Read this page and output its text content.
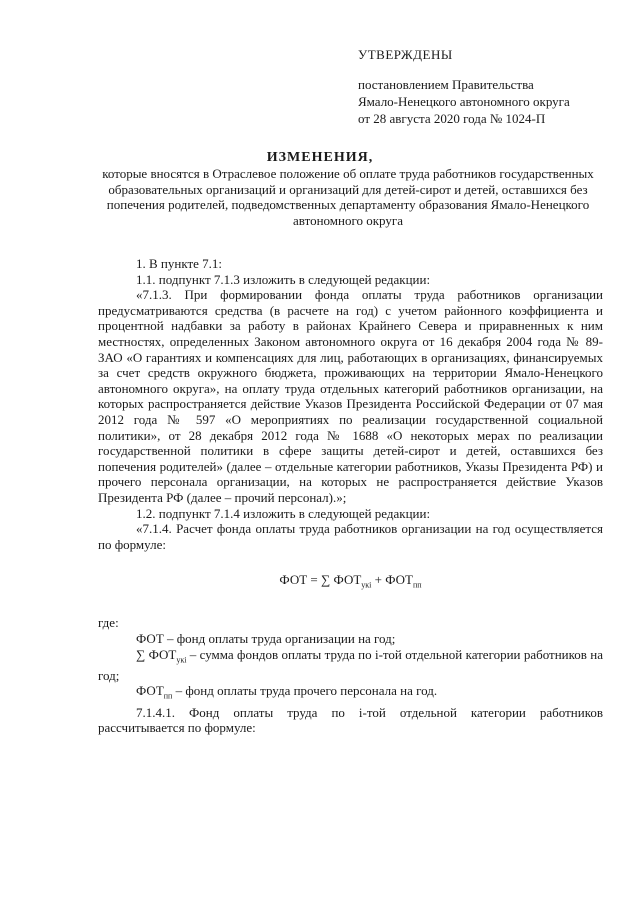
УТВЕРЖДЕНЫ
постановлением Правительства
Ямало-Ненецкого автономного округа
от 28 августа 2020 года № 1024-П
ИЗМЕНЕНИЯ,
которые вносятся в Отраслевое положение об оплате труда работников государственных образовательных организаций и организаций для детей-сирот и детей, оставшихся без попечения родителей, подведомственных департаменту образования Ямало-Ненецкого автономного округа

1. В пункте 7.1:

1.1. подпункт 7.1.3 изложить в следующей редакции:

«7.1.3. При формировании фонда оплаты труда работников организации предусматриваются средства (в расчете на год) с учетом районного коэффициента и процентной надбавки за работу в районах Крайнего Севера и приравненных к ним местностях, определенных Законом автономного округа от 16 декабря 2004 года № 89-ЗАО «О гарантиях и компенсациях для лиц, работающих в организациях, финансируемых за счет средств окружного бюджета, проживающих на территории Ямало-Ненецкого автономного округа», на оплату труда отдельных категорий работников организации, на которых распространяется действие Указов Президента Российской Федерации от 07 мая 2012 года № 597 «О мероприятиях по реализации государственной социальной политики», от 28 декабря 2012 года № 1688 «О некоторых мерах по реализации государственной политики в сфере защиты детей-сирот и детей, оставшихся без попечения родителей» (далее – отдельные категории работников, Указы Президента РФ) и прочего персонала организации, на которых не распространяется действие Указов Президента РФ (далее – прочий персонал).»;

1.2. подпункт 7.1.4 изложить в следующей редакции:

«7.1.4. Расчет фонда оплаты труда работников организации на год осуществляется по формуле:

ФОТ = ∑ $ФОТ_{укi} + ФОТ_{пп}$

где:

ФОТ – фонд оплаты труда организации на год;

∑ $ФОТ_{укi}$ – сумма фондов оплаты труда по i-той отдельной категории работников на год;

$ФОТ_{пп}$ – фонд оплаты труда прочего персонала на год.

7.1.4.1. Фонд оплаты труда по i-той отдельной категории работников рассчитывается по формуле:
